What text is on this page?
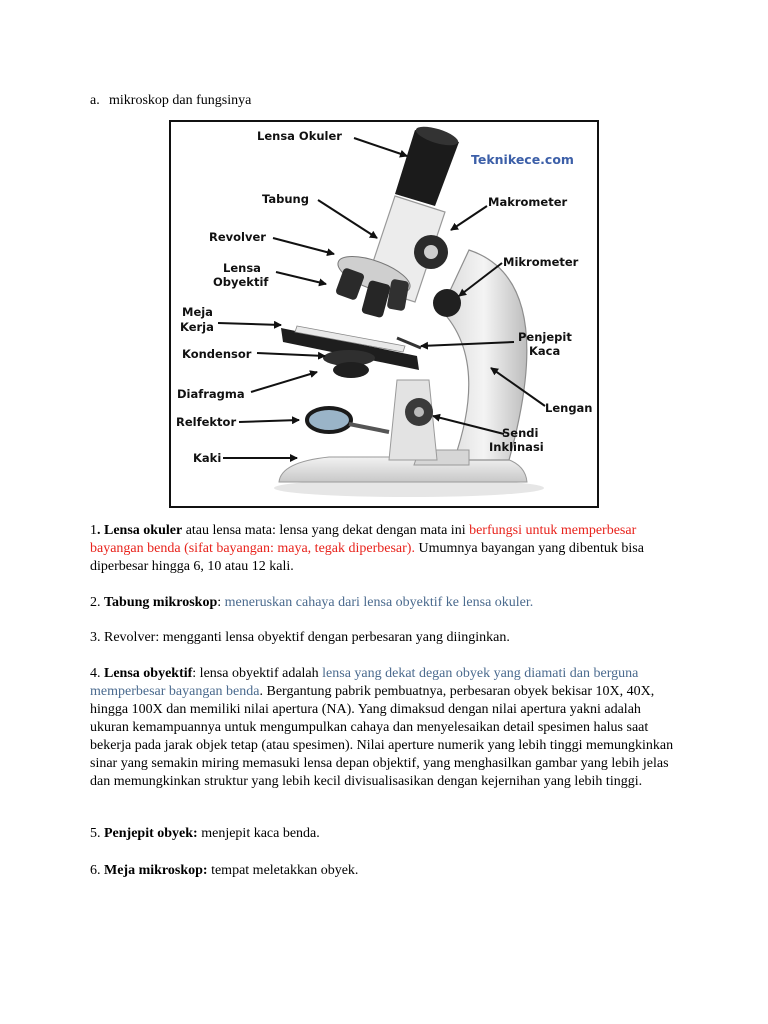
a. mikroskop dan fungsinya
Lensa Okuler
Tabung
Revolver
Lensa
Obyektif
Meja
Kerja
Kondensor
Diafragma
Relfektor
Kaki
Makrometer
Mikrometer
Penjepit
Kaca
Lengan
Sendi
Inklinasi
Teknikece.com

1. Lensa okuler atau lensa mata: lensa yang dekat dengan mata ini berfungsi untuk memperbesar bayangan benda (sifat bayangan: maya, tegak diperbesar). Umumnya bayangan yang dibentuk bisa diperbesar hingga 6, 10 atau 12 kali.

2. Tabung mikroskop: meneruskan cahaya dari lensa obyektif ke lensa okuler.

3. Revolver: mengganti lensa obyektif dengan perbesaran yang diinginkan.

4. Lensa obyektif: lensa obyektif adalah lensa yang dekat degan obyek yang diamati dan berguna memperbesar bayangan benda. Bergantung pabrik pembuatnya, perbesaran obyek bekisar 10X, 40X, hingga 100X dan memiliki nilai apertura (NA). Yang dimaksud dengan nilai apertura yakni adalah ukuran kemampuannya untuk mengumpulkan cahaya dan menyelesaikan detail spesimen halus saat bekerja pada jarak objek tetap (atau spesimen). Nilai aperture numerik yang lebih tinggi memungkinkan sinar yang semakin miring memasuki lensa depan objektif, yang menghasilkan gambar yang lebih jelas dan memungkinkan struktur yang lebih kecil divisualisasikan dengan kejernihan yang lebih tinggi.

5. Penjepit obyek: menjepit kaca benda.

6. Meja mikroskop: tempat meletakkan obyek.
